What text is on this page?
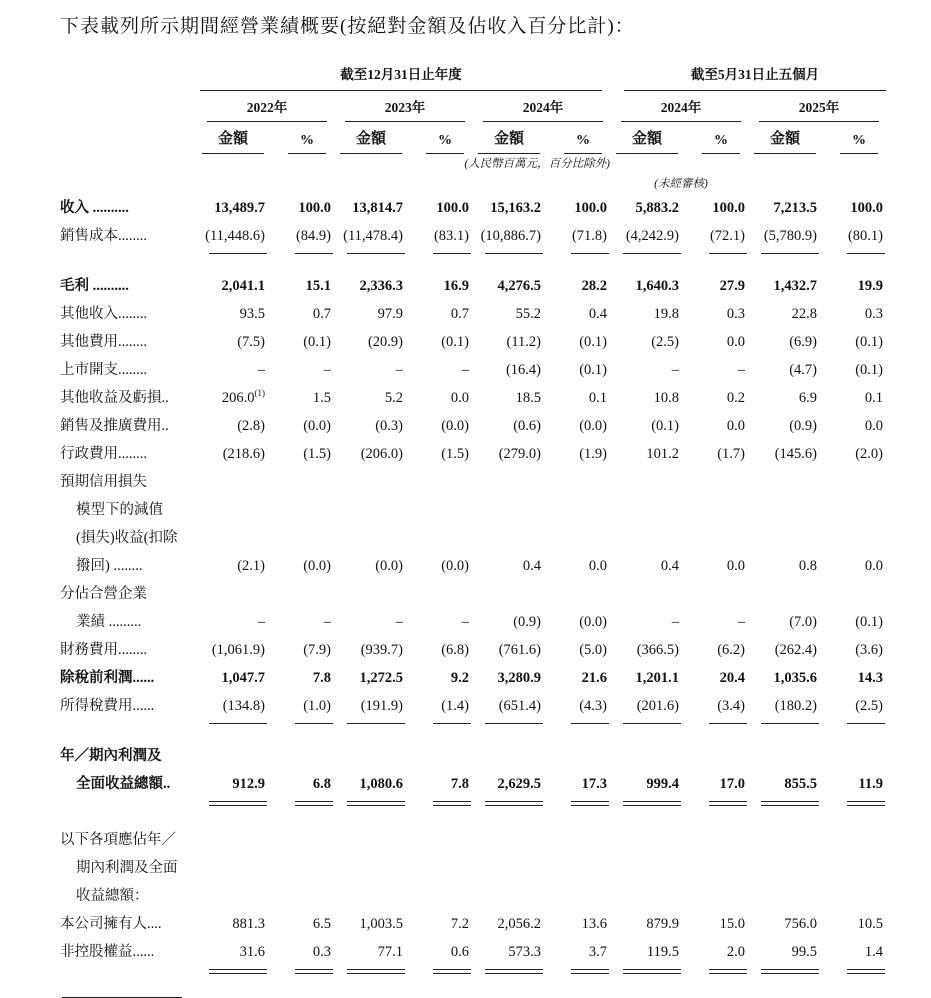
下表載列所示期間經營業績概要(按絕對金額及佔收入百分比計)：

	截至12月31日止年度						截至5月31日止五個月			

	2022年		2023年		2024年		2024年		2025年	

	金額	%	金額	%	金額	%	金額	%	金額	%

			(人民幣百萬元，百分比除外)							
							(未經審核)			

收入 ..........	13,489.7	100.0	13,814.7	100.0	15,163.2	100.0	5,883.2	100.0	7,213.5	100.0

銷售成本........	(11,448.6)	(84.9)	(11,478.4)	(83.1)	(10,886.7)	(71.8)	(4,242.9)	(72.1)	(5,780.9)	(80.1)

毛利 ..........	2,041.1	15.1	2,336.3	16.9	4,276.5	28.2	1,640.3	27.9	1,432.7	19.9

其他收入........	93.5	0.7	97.9	0.7	55.2	0.4	19.8	0.3	22.8	0.3

其他費用........	(7.5)	(0.1)	(20.9)	(0.1)	(11.2)	(0.1)	(2.5)	0.0	(6.9)	(0.1)

上市開支........	–	–	–	–	(16.4)	(0.1)	–	–	(4.7)	(0.1)

其他收益及虧損..	206.0$^{(1)}$	1.5	5.2	0.0	18.5	0.1	10.8	0.2	6.9	0.1

銷售及推廣費用..	(2.8)	(0.0)	(0.3)	(0.0)	(0.6)	(0.0)	(0.1)	0.0	(0.9)	0.0

行政費用........	(218.6)	(1.5)	(206.0)	(1.5)	(279.0)	(1.9)	101.2	(1.7)	(145.6)	(2.0)

預期信用損失
模型下的減值
(損失)收益(扣除
撥回) ........	(2.1)	(0.0)	(0.0)	(0.0)	0.4	0.0	0.4	0.0	0.8	0.0

分佔合營企業
業績 .........	–	–	–	–	(0.9)	(0.0)	–	–	(7.0)	(0.1)

財務費用........	(1,061.9)	(7.9)	(939.7)	(6.8)	(761.6)	(5.0)	(366.5)	(6.2)	(262.4)	(3.6)

除稅前利潤......	1,047.7	7.8	1,272.5	9.2	3,280.9	21.6	1,201.1	20.4	1,035.6	14.3

所得稅費用......	(134.8)	(1.0)	(191.9)	(1.4)	(651.4)	(4.3)	(201.6)	(3.4)	(180.2)	(2.5)

年／期內利潤及
全面收益總額..	912.9	6.8	1,080.6	7.8	2,629.5	17.3	999.4	17.0	855.5	11.9

以下各項應佔年／
期內利潤及全面
收益總額：										

本公司擁有人....	881.3	6.5	1,003.5	7.2	2,056.2	13.6	879.9	15.0	756.0	10.5

非控股權益......	31.6	0.3	77.1	0.6	573.3	3.7	119.5	2.0	99.5	1.4
